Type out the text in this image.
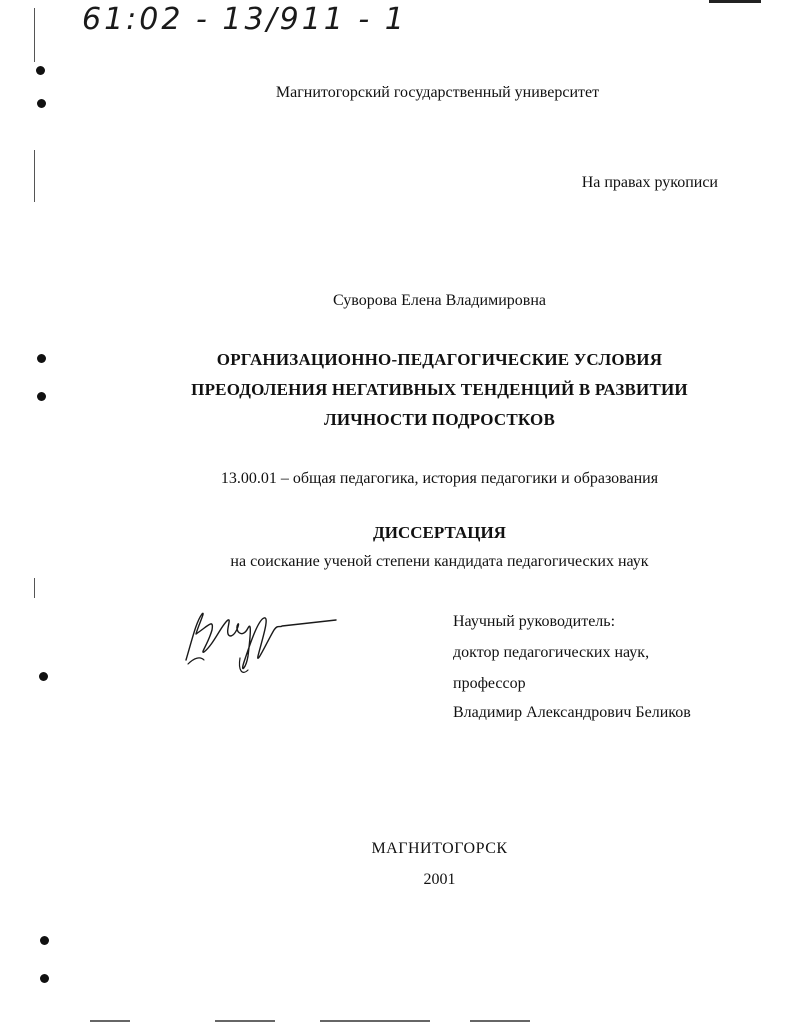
61:02 - 13/911 - 1
Магнитогорский государственный университет
На правах рукописи
Суворова Елена Владимировна
ОРГАНИЗАЦИОННО-ПЕДАГОГИЧЕСКИЕ УСЛОВИЯ
ПРЕОДОЛЕНИЯ НЕГАТИВНЫХ ТЕНДЕНЦИЙ В РАЗВИТИИ
ЛИЧНОСТИ ПОДРОСТКОВ
13.00.01 – общая педагогика, история педагогики и образования
ДИССЕРТАЦИЯ
на соискание ученой степени кандидата педагогических наук
Научный руководитель:
доктор педагогических наук,
профессор
Владимир Александрович Беликов
МАГНИТОГОРСК
2001
